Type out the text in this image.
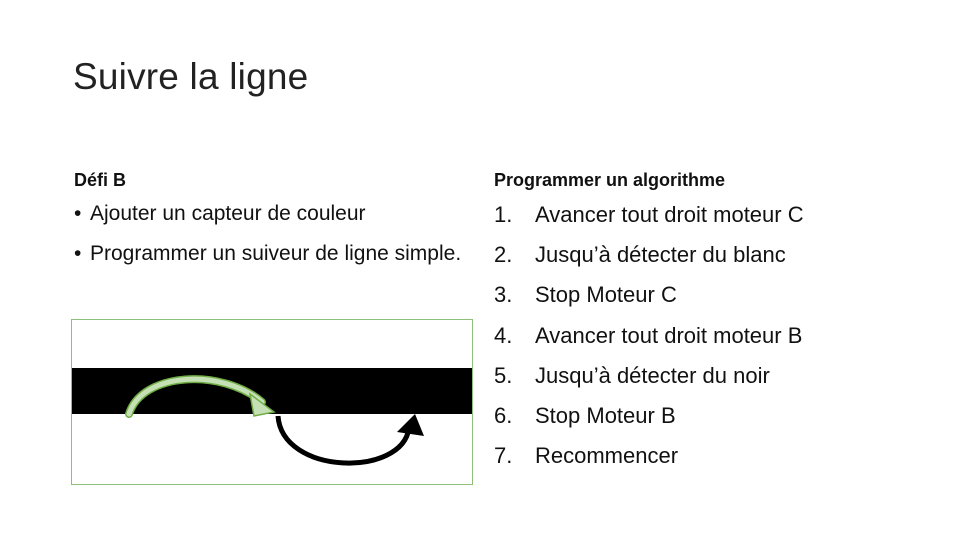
Suivre la ligne
Défi B	Programmer un algorithme
• Ajouter un capteur de couleur
• Programmer un suiveur de ligne simple.
1.	Avancer tout droit moteur C
2.	Jusqu’à détecter du blanc
3.	Stop Moteur C
4.	Avancer tout droit moteur B
5.	Jusqu’à détecter du noir
6.	Stop Moteur B
7.	Recommencer
